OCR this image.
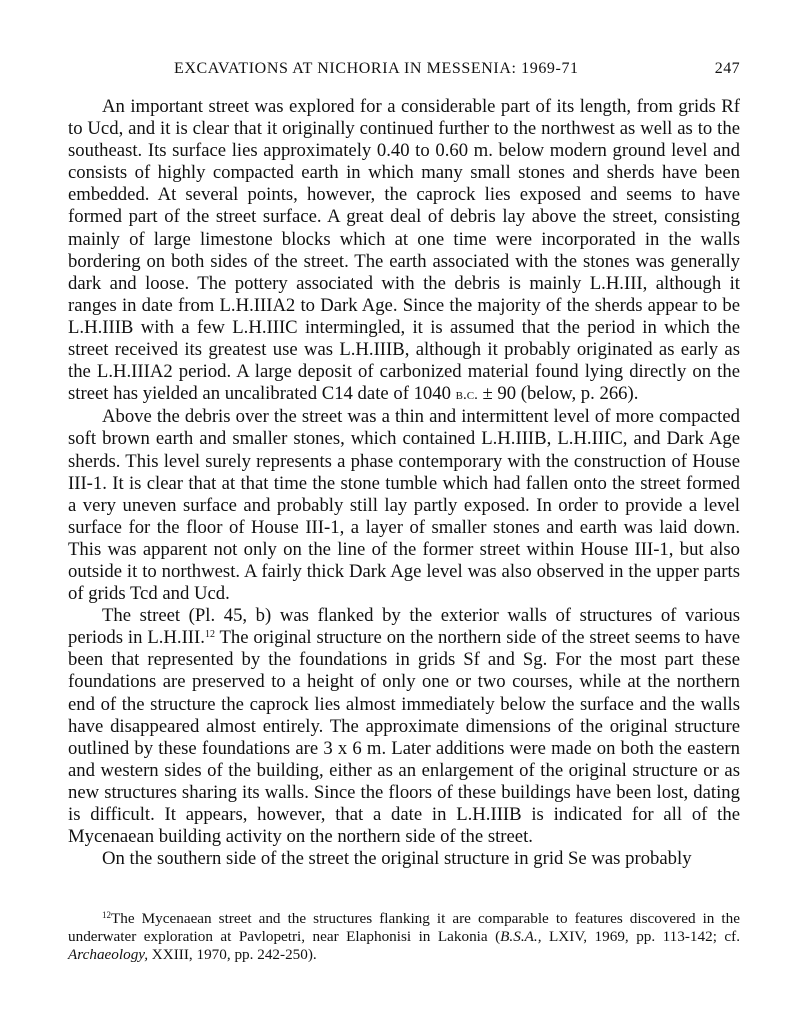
EXCAVATIONS AT NICHORIA IN MESSENIA: 1969-71	247

An important street was explored for a considerable part of its length, from grids Rf to Ucd, and it is clear that it originally continued further to the northwest as well as to the southeast. Its surface lies approximately 0.40 to 0.60 m. below modern ground level and consists of highly compacted earth in which many small stones and sherds have been embedded. At several points, however, the caprock lies exposed and seems to have formed part of the street surface. A great deal of debris lay above the street, consisting mainly of large limestone blocks which at one time were incorporated in the walls bordering on both sides of the street. The earth associated with the stones was generally dark and loose. The pottery associated with the debris is mainly L.H.III, although it ranges in date from L.H.IIIA2 to Dark Age. Since the majority of the sherds appear to be L.H.IIIB with a few L.H.IIIC intermingled, it is assumed that the period in which the street received its greatest use was L.H.IIIB, although it probably originated as early as the L.H.IIIA2 period. A large deposit of carbonized material found lying directly on the street has yielded an uncalibrated C14 date of 1040 b.c. ± 90 (below, p. 266).

Above the debris over the street was a thin and intermittent level of more compacted soft brown earth and smaller stones, which contained L.H.IIIB, L.H.IIIC, and Dark Age sherds. This level surely represents a phase contemporary with the construction of House III-1. It is clear that at that time the stone tumble which had fallen onto the street formed a very uneven surface and probably still lay partly exposed. In order to provide a level surface for the floor of House III-1, a layer of smaller stones and earth was laid down. This was apparent not only on the line of the former street within House III-1, but also outside it to northwest. A fairly thick Dark Age level was also observed in the upper parts of grids Tcd and Ucd.

The street (Pl. 45, b) was flanked by the exterior walls of structures of various periods in L.H.III.$^{12}$ The original structure on the northern side of the street seems to have been that represented by the foundations in grids Sf and Sg. For the most part these foundations are preserved to a height of only one or two courses, while at the northern end of the structure the caprock lies almost immediately below the surface and the walls have disappeared almost entirely. The approximate dimensions of the original structure outlined by these foundations are 3 x 6 m. Later additions were made on both the eastern and western sides of the building, either as an enlargement of the original structure or as new structures sharing its walls. Since the floors of these buildings have been lost, dating is difficult. It appears, however, that a date in L.H.IIIB is indicated for all of the Mycenaean building activity on the northern side of the street.

On the southern side of the street the original structure in grid Se was probably

$^{12}$The Mycenaean street and the structures flanking it are comparable to features discovered in the underwater exploration at Pavlopetri, near Elaphonisi in Lakonia (B.S.A., LXIV, 1969, pp. 113-142; cf. Archaeology, XXIII, 1970, pp. 242-250).
